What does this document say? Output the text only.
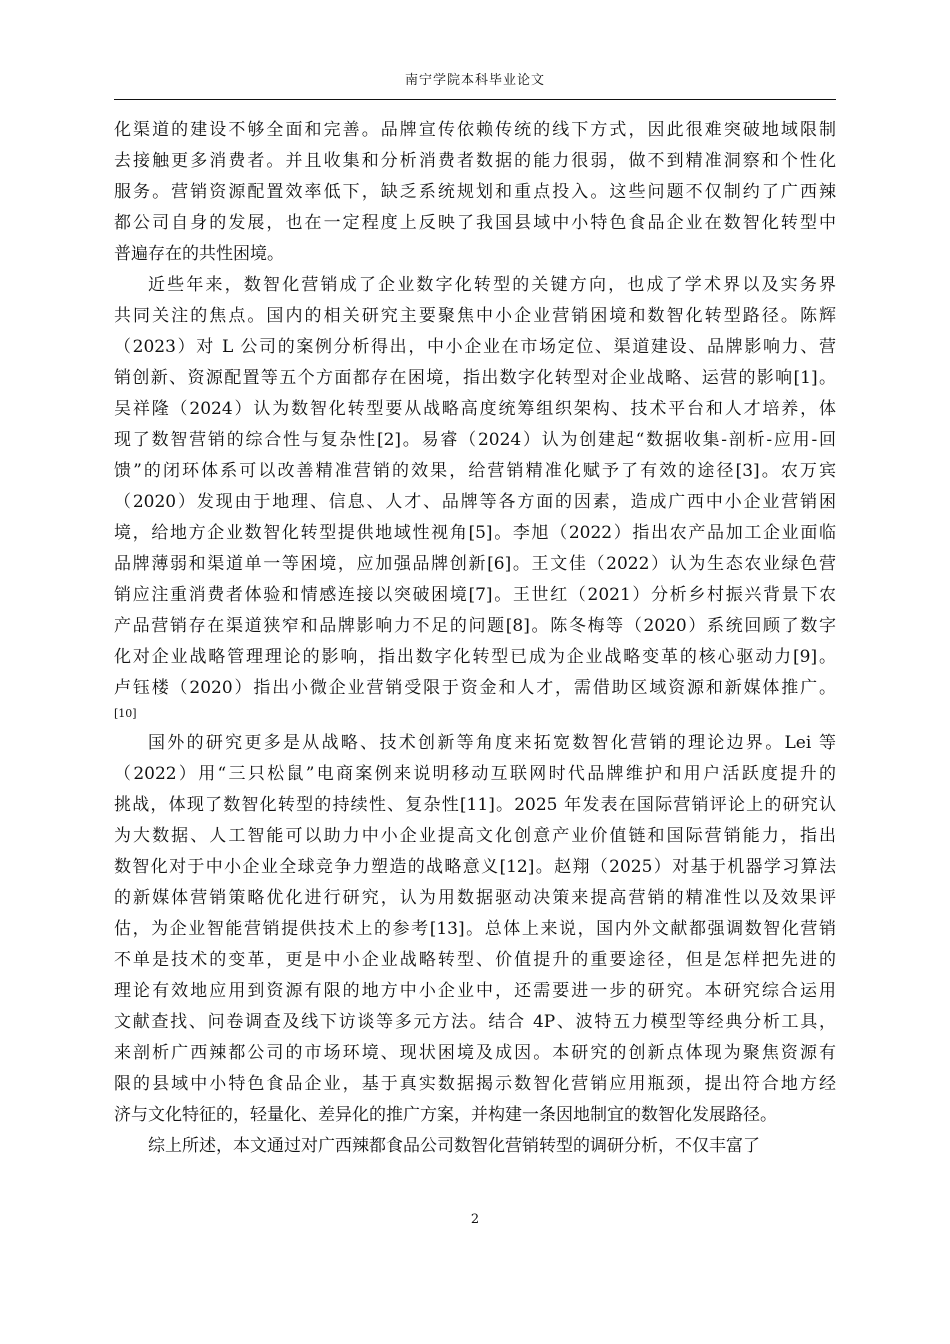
南宁学院本科毕业论文
化渠道的建设不够全面和完善。品牌宣传依赖传统的线下方式，因此很难突破地域限制
去接触更多消费者。并且收集和分析消费者数据的能力很弱，做不到精准洞察和个性化
服务。营销资源配置效率低下，缺乏系统规划和重点投入。这些问题不仅制约了广西辣
都公司自身的发展，也在一定程度上反映了我国县域中小特色食品企业在数智化转型中
普遍存在的共性困境。
近些年来，数智化营销成了企业数字化转型的关键方向，也成了学术界以及实务界
共同关注的焦点。国内的相关研究主要聚焦中小企业营销困境和数智化转型路径。陈辉
（2023）对 L 公司的案例分析得出，中小企业在市场定位、渠道建设、品牌影响力、营
销创新、资源配置等五个方面都存在困境，指出数字化转型对企业战略、运营的影响[1]。
吴祥隆（2024）认为数智化转型要从战略高度统筹组织架构、技术平台和人才培养，体
现了数智营销的综合性与复杂性[2]。易睿（2024）认为创建起“数据收集-剖析-应用-回
馈”的闭环体系可以改善精准营销的效果，给营销精准化赋予了有效的途径[3]。农万宾
（2020）发现由于地理、信息、人才、品牌等各方面的因素，造成广西中小企业营销困
境，给地方企业数智化转型提供地域性视角[5]。李旭（2022）指出农产品加工企业面临
品牌薄弱和渠道单一等困境，应加强品牌创新[6]。王文佳（2022）认为生态农业绿色营
销应注重消费者体验和情感连接以突破困境[7]。王世红（2021）分析乡村振兴背景下农
产品营销存在渠道狭窄和品牌影响力不足的问题[8]。陈冬梅等（2020）系统回顾了数字
化对企业战略管理理论的影响，指出数字化转型已成为企业战略变革的核心驱动力[9]。
卢钰楼（2020）指出小微企业营销受限于资金和人才，需借助区域资源和新媒体推广。
[10]
国外的研究更多是从战略、技术创新等角度来拓宽数智化营销的理论边界。Lei 等
（2022）用“三只松鼠”电商案例来说明移动互联网时代品牌维护和用户活跃度提升的
挑战，体现了数智化转型的持续性、复杂性[11]。2025 年发表在国际营销评论上的研究认
为大数据、人工智能可以助力中小企业提高文化创意产业价值链和国际营销能力，指出
数智化对于中小企业全球竞争力塑造的战略意义[12]。赵翔（2025）对基于机器学习算法
的新媒体营销策略优化进行研究，认为用数据驱动决策来提高营销的精准性以及效果评
估，为企业智能营销提供技术上的参考[13]。总体上来说，国内外文献都强调数智化营销
不单是技术的变革，更是中小企业战略转型、价值提升的重要途径，但是怎样把先进的
理论有效地应用到资源有限的地方中小企业中，还需要进一步的研究。本研究综合运用
文献查找、问卷调查及线下访谈等多元方法。结合 4P、波特五力模型等经典分析工具，
来剖析广西辣都公司的市场环境、现状困境及成因。本研究的创新点体现为聚焦资源有
限的县域中小特色食品企业，基于真实数据揭示数智化营销应用瓶颈，提出符合地方经
济与文化特征的，轻量化、差异化的推广方案，并构建一条因地制宜的数智化发展路径。
综上所述，本文通过对广西辣都食品公司数智化营销转型的调研分析，不仅丰富了
2
